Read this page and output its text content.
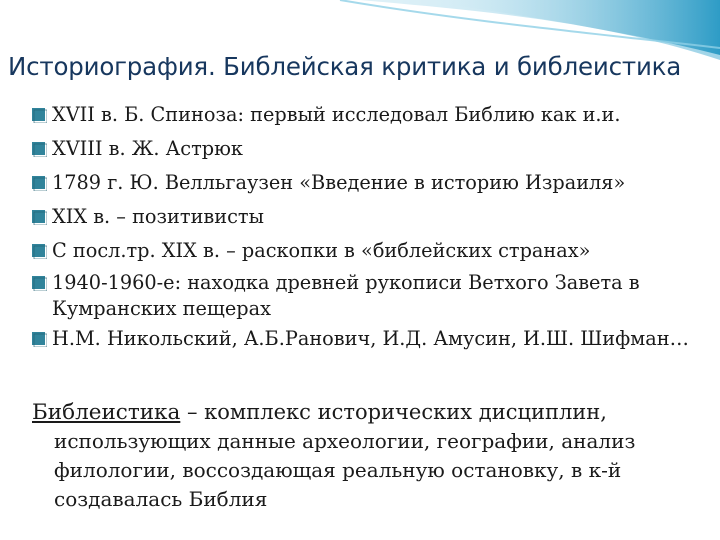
Историография. Библейская критика и библеистика
XVII в. Б. Спиноза: первый исследовал Библию как и.и.
XVIII в. Ж. Астрюк
1789 г. Ю. Велльгаузен «Введение в историю Израиля»
XIX в. – позитивисты
С посл.тр. XIX в. – раскопки в «библейских странах»
1940-1960-е: находка древней рукописи Ветхого Завета в Кумранских пещерах
Н.М. Никольский, А.Б.Ранович, И.Д. Амусин, И.Ш. Шифман…
Библеистика – комплекс исторических дисциплин,
использующих данные археологии, географии, анализ филологии, воссоздающая реальную остановку, в к-й создавалась Библия
